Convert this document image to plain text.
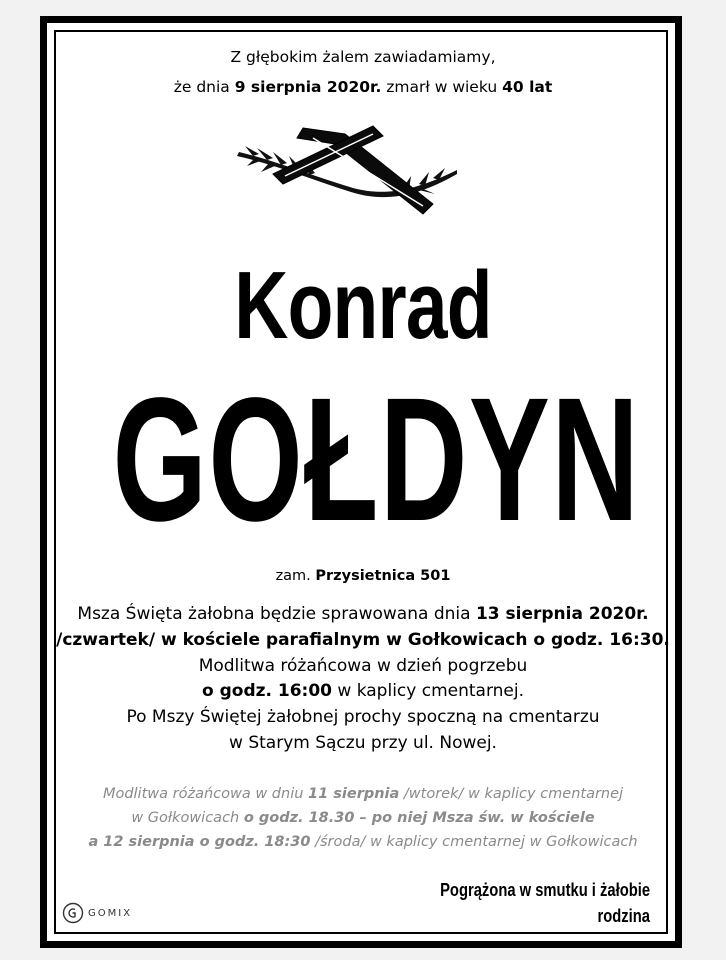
Z głębokim żalem zawiadamiamy,
że dnia 9 sierpnia 2020r. zmarł w wieku 40 lat
Konrad
GOŁDYN
zam. Przysietnica 501
Msza Święta żałobna będzie sprawowana dnia 13 sierpnia 2020r.
/czwartek/ w kościele parafialnym w Gołkowicach o godz. 16:30.
Modlitwa różańcowa w dzień pogrzebu
o godz. 16:00 w kaplicy cmentarnej.
Po Mszy Świętej żałobnej prochy spoczną na cmentarzu
w Starym Sączu przy ul. Nowej.
Modlitwa różańcowa w dniu 11 sierpnia /wtorek/ w kaplicy cmentarnej
w Gołkowicach o godz. 18.30 – po niej Msza św. w kościele
a 12 sierpnia o godz. 18:30 /środa/ w kaplicy cmentarnej w Gołkowicach
Pogrążona w smutku i żałobie
rodzina
GOMIX
